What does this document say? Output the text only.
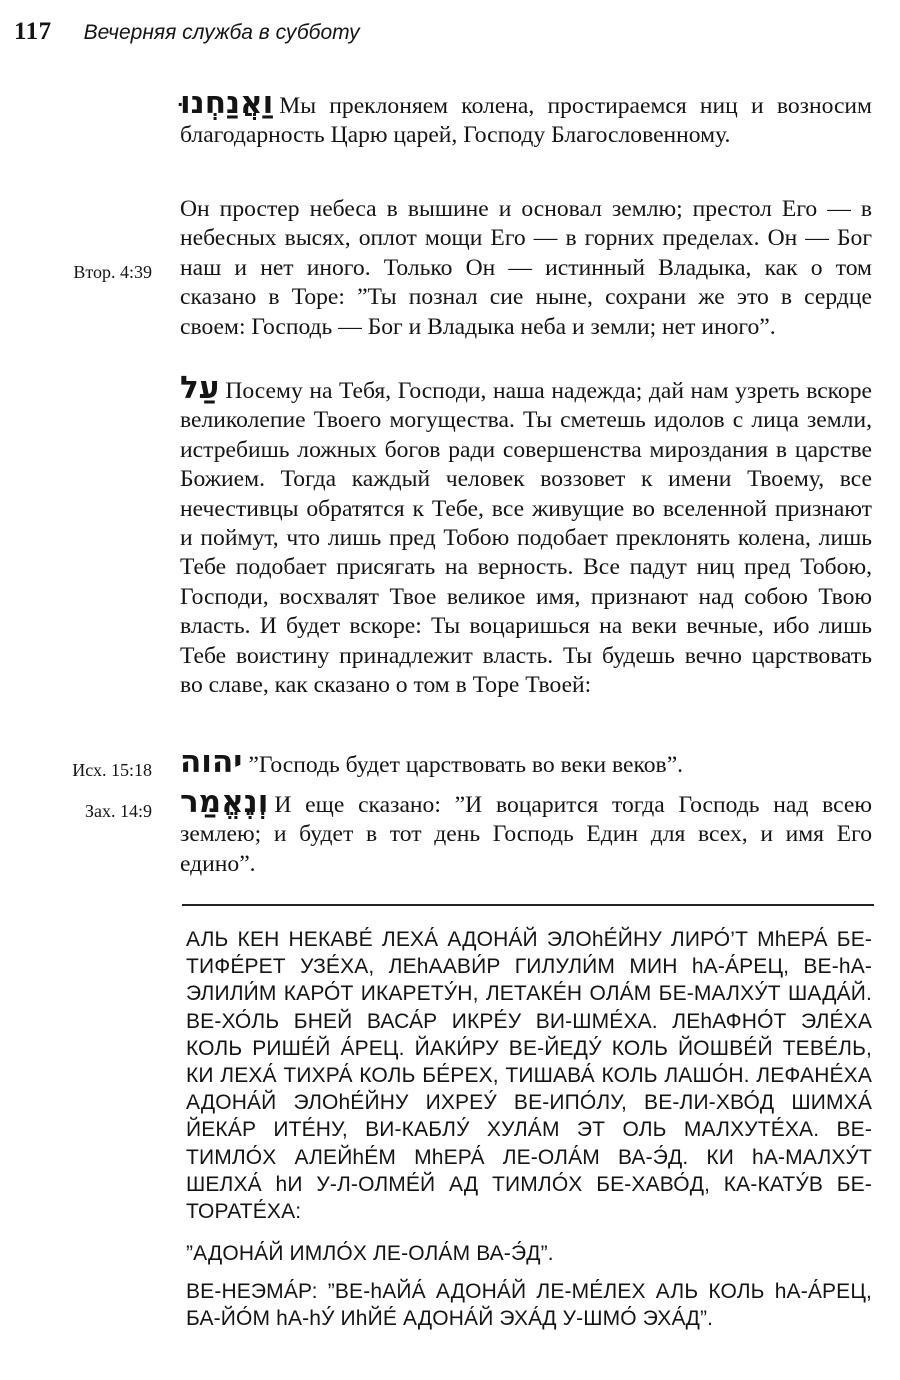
117 Вечерняя служба в субботу
Втор. 4:39
Исх. 15:18
Зах. 14:9
וַאֲנַחְנוּ Мы преклоняем колена, простираемся ниц и возносим благодарность Царю царей, Господу Благословенному.
Он простер небеса в вышине и основал землю; престол Его — в небесных высях, оплот мощи Его — в горних пределах. Он — Бог наш и нет иного. Только Он — истинный Владыка, как о том сказано в Торе: ”Ты познал сие ныне, сохрани же это в сердце своем: Господь — Бог и Владыка неба и земли; нет иного”.
עַל Посему на Тебя, Господи, наша надежда; дай нам узреть вскоре великолепие Твоего могущества. Ты сметешь идолов с лица земли, истребишь ложных богов ради совершенства мироздания в царстве Божием. Тогда каждый человек воззовет к имени Твоему, все нечестивцы обратятся к Тебе, все живущие во вселенной признают и поймут, что лишь пред Тобою подобает преклонять колена, лишь Тебе подобает присягать на верность. Все падут ниц пред Тобою, Господи, восхвалят Твое великое имя, признают над собою Твою власть. И будет вскоре: Ты воцаришься на веки вечные, ибо лишь Тебе воистину принадлежит власть. Ты будешь вечно царствовать во славе, как сказано о том в Торе Твоей:
יהוה ”Господь будет царствовать во веки веков”.
וְנֶאֱמַר И еще сказано: ”И воцарится тогда Господь над всею землею; и будет в тот день Господь Един для всех, и имя Его едино”.
АЛЬ КЕН НЕКАВЕ́ ЛЕХА́ АДОНА́Й ЭЛОhЕ́ЙНУ ЛИРО́’Т МhЕРА́ БЕ-ТИФЕ́РЕТ УЗЕ́ХА, ЛЕhААВИ́Р ГИЛУЛИ́М МИН hА-А́РЕЦ, ВЕ-hА-ЭЛИЛИ́М КАРО́Т ИКАРЕТУ́Н, ЛЕТАКЕ́Н ОЛА́М БЕ-МАЛХУ́Т ШАДА́Й. ВЕ-ХО́ЛЬ БНЕЙ ВАСА́Р ИКРЕ́У ВИ-ШМЕ́ХА. ЛЕhАФНО́Т ЭЛЕ́ХА КОЛЬ РИШЕ́Й А́РЕЦ. ЙАКИ́РУ ВЕ-ЙЕДУ́ КОЛЬ ЙОШВЕ́Й ТЕВЕ́ЛЬ, КИ ЛЕХА́ ТИХРА́ КОЛЬ БЕ́РЕХ, ТИШАВА́ КОЛЬ ЛАШО́Н. ЛЕФАНЕ́ХА АДОНА́Й ЭЛОhЕ́ЙНУ ИХРЕУ́ ВЕ-ИПО́ЛУ, ВЕ-ЛИ-ХВО́Д ШИМХА́ ЙЕКА́Р ИТЕ́НУ, ВИ-КАБЛУ́ ХУЛА́М ЭТ ОЛЬ МАЛХУТЕ́ХА. ВЕ-ТИМЛО́Х АЛЕЙhЕ́М МhЕРА́ ЛЕ-ОЛА́М ВА-Э́Д. КИ hА-МАЛХУ́Т ШЕЛХА́ hИ У-Л-ОЛМЕ́Й АД ТИМЛО́Х БЕ-ХАВО́Д, КА-КАТУ́В БЕ-ТОРАТЕ́ХА:
”АДОНА́Й ИМЛО́Х ЛЕ-ОЛА́М ВА-Э́Д”.
ВЕ-НЕЭМА́Р: ”ВЕ-hАЙА́ АДОНА́Й ЛЕ-МЕ́ЛЕХ АЛЬ КОЛЬ hА-А́РЕЦ, БА-ЙО́М hА-hУ́ ИhЙЕ́ АДОНА́Й ЭХА́Д У-ШМО́ ЭХА́Д”.
